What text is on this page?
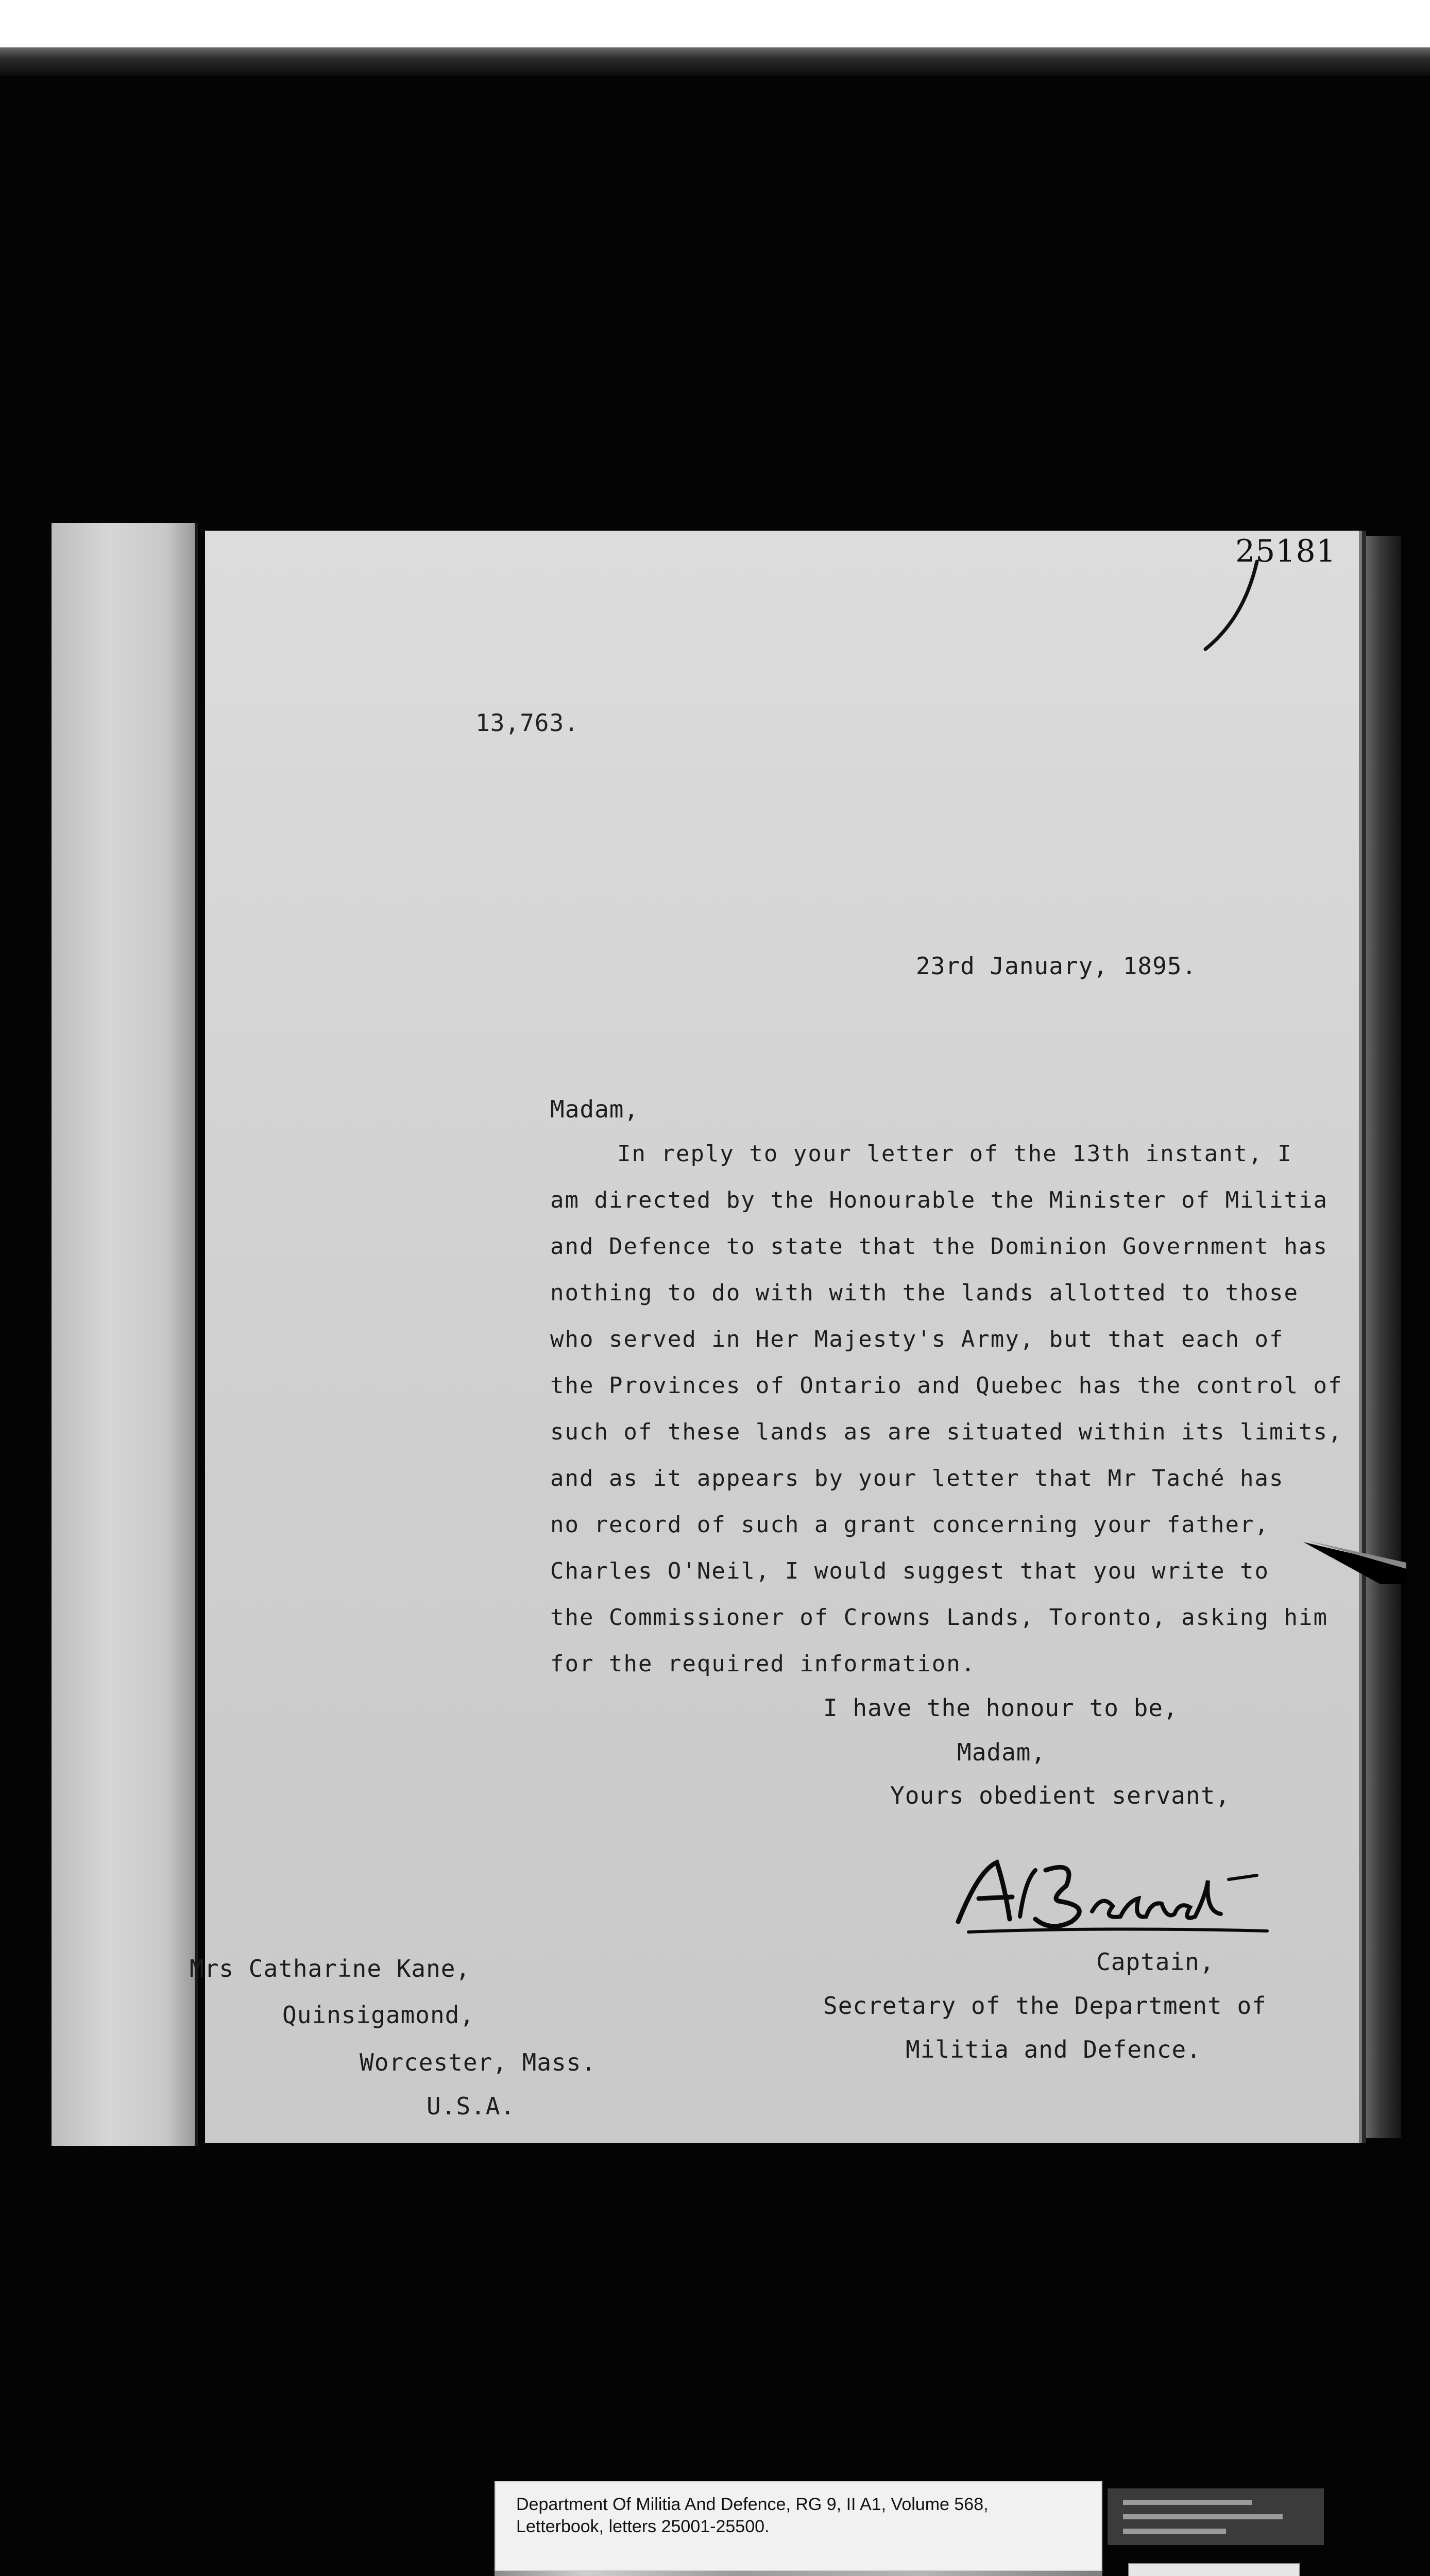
25181
13,763.
23rd January, 1895.
Madam,
In reply to your letter of the 13th instant, I
am directed by the Honourable the Minister of Militia
and Defence to state that the Dominion Government has
nothing to do with with the lands allotted to those
who served in Her Majesty's Army, but that each of
the Provinces of Ontario and Quebec has the control of
such of these lands as are situated within its limits,
and as it appears by your letter that Mr Taché has
no record of such a grant concerning your father,
Charles O'Neil, I would suggest that you write to
the Commissioner of Crowns Lands, Toronto, asking him
for the required information.
I have the honour to be,
Madam,
Yours obedient servant,
Captain,
Secretary of the Department of
Militia and Defence.
Mrs Catharine Kane,
Quinsigamond,
Worcester, Mass.
U.S.A.
Department Of Militia And Defence, RG 9, II A1, Volume 568,
Letterbook, letters 25001-25500.
